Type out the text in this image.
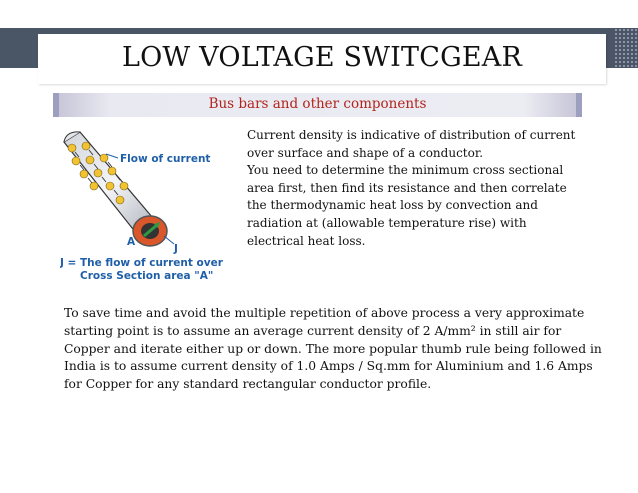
LOW VOLTAGE SWITCGEAR
Bus bars and other components
Flow of current
A
J
J = The flow of current over
Cross Section area "A"
Current density is indicative of distribution of current
over surface and shape of a conductor.
You need to determine the minimum cross sectional
area first, then find its resistance and then correlate
the thermodynamic heat loss by convection and
radiation at (allowable temperature rise) with
electrical heat loss.

To save time and avoid the multiple repetition of above process a very approximate starting point is to assume an average current density of 2 A/mm² in still air for Copper and iterate either up or down. The more popular thumb rule being followed in India is to assume current density of 1.0 Amps / Sq.mm for Aluminium and 1.6 Amps for Copper for any standard rectangular conductor profile.
